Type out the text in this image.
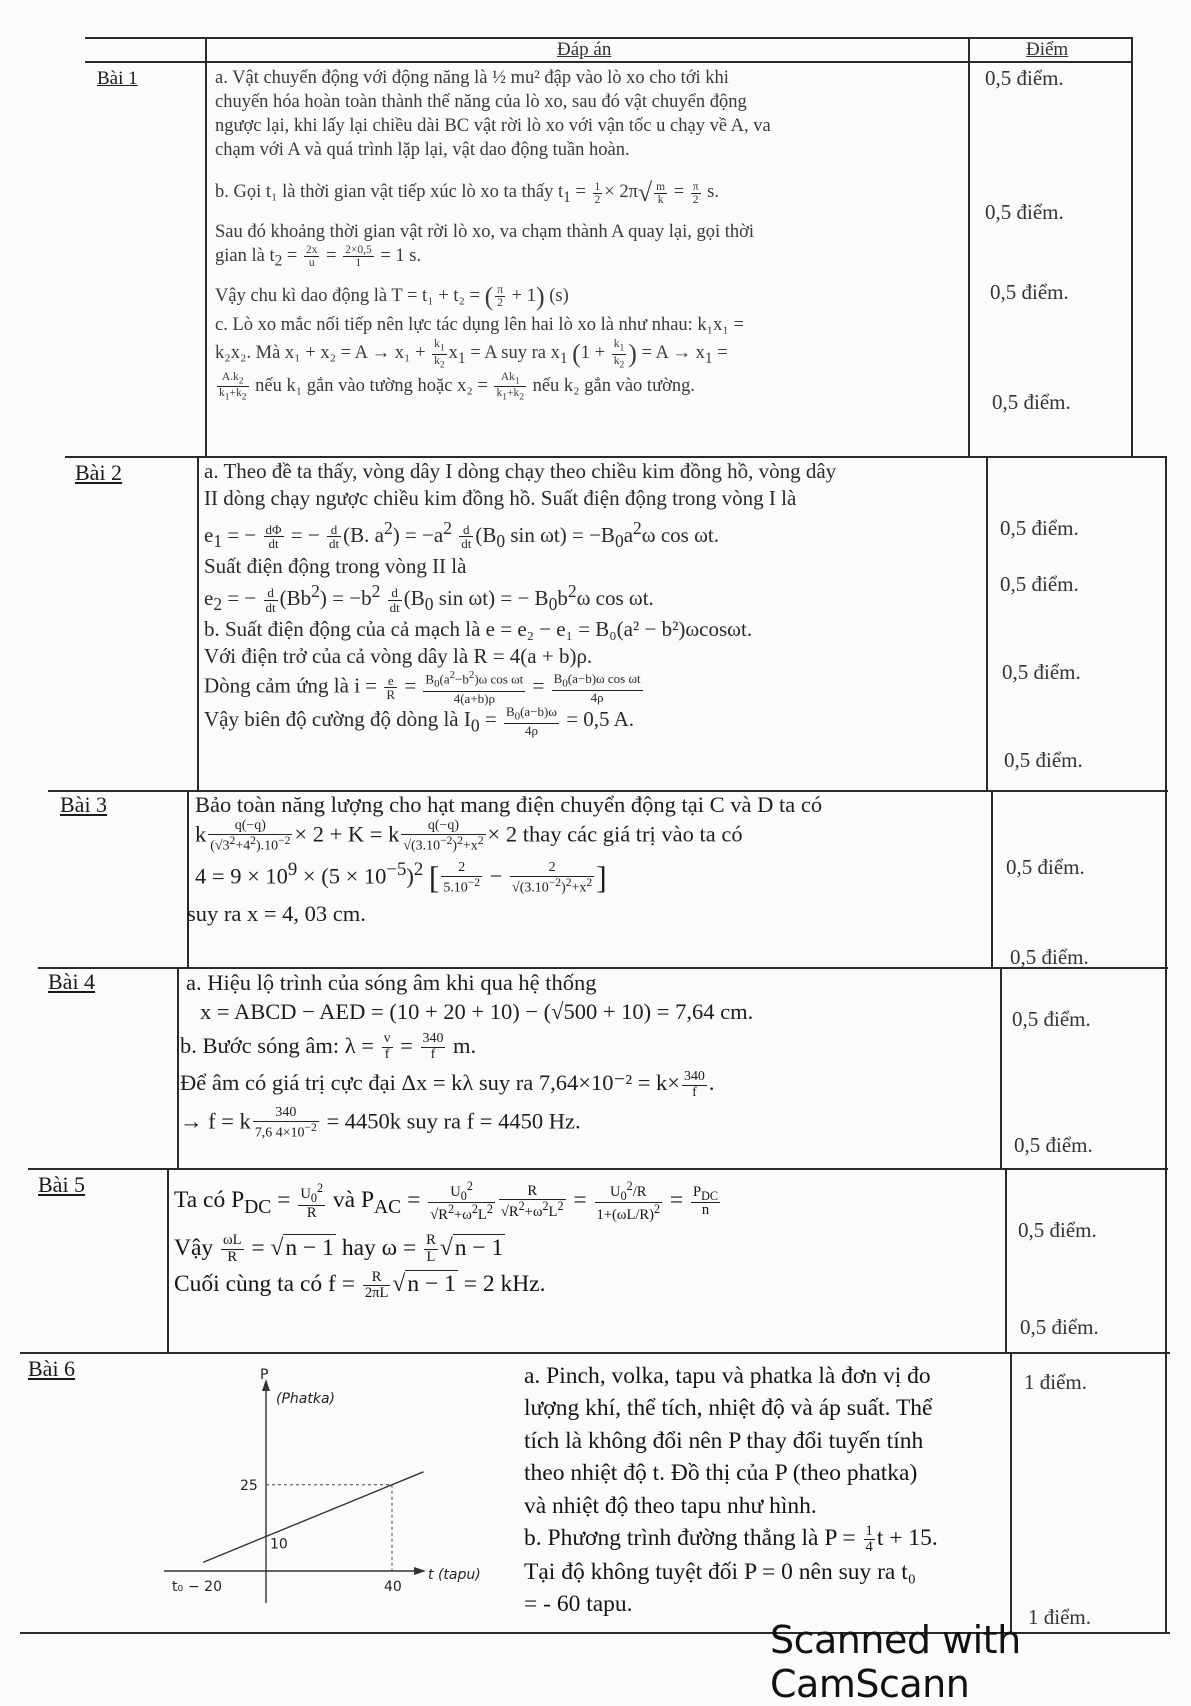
Đáp án	Điểm
Bài 1
Bài 2
Bài 3
Bài 4
Bài 5
Bài 6

a. Vật chuyển động với động năng là ½ mu² đập vào lò xo cho tới khi

chuyển hóa hoàn toàn thành thế năng của lò xo, sau đó vật chuyển động

ngược lại, khi lấy lại chiều dài BC vật rời lò xo với vận tốc u chạy về A, va

chạm với A và quá trình lặp lại, vật dao động tuần hoàn.

b. Gọi t₁ là thời gian vật tiếp xúc lò xo ta thấy $t_1 = \frac{1}{2} \times 2\pi√ \frac{m}{k} = \frac{\pi}{2} s$.

Sau đó khoảng thời gian vật rời lò xo, va chạm thành A quay lại, gọi thời

gian là $t_2 = \frac{2x}{u} = \frac{2\times 0,5}{1} = 1$ s.

Vậy chu kì dao động là T = t₁ + t₂ = ( $\frac{\pi}{2} + 1$) (s)

c. Lò xo mắc nối tiếp nên lực tác dụng lên hai lò xo là như nhau: k₁x₁ =

k₂x₂. Mà $x_1 + x_2 = A \to x_1 + \frac{k_1}{k_2} x_1 = A$ suy ra $x_1$ ($1 + \frac{k_1}{k_2}$ ) = $A \to x_1$ =

$\frac{A.k_2}{k_1+k_2}$ nếu k₁ gắn vào tường hoặc $x_2 = \frac{Ak_1}{k_1+k_2}$ nếu k₂ gắn vào tường.

0,5 điểm.
0,5 điểm.
0,5 điểm.
0,5 điểm.

a. Theo đề ta thấy, vòng dây I dòng chạy theo chiều kim đồng hồ, vòng dây

II dòng chạy ngược chiều kim đồng hồ. Suất điện động trong vòng I là

$e_1$ = − $\frac{d\Phi}{dt}$ = − $\frac{d}{dt} (B$. $a^2) = -a^2 \frac{d}{dt} (B_0$ $\sin \omega t) = -B_0a^2\omega$ cos ωt.

Suất điện động trong vòng II là

$e_2$ = − $\frac{d}{dt} (Bb^2) = -b^2 \frac{d}{dt} (B_0$ sin ωt) = − $B_0b^2\omega$ cos ωt.

b. Suất điện động của cả mạch là e = e₂ − e₁ = B₀(a² − b²)ωcosωt.

Với điện trở của cả vòng dây là R = 4(a + b)ρ.

Dòng cảm ứng là $i = \frac{e}{R} = \frac{B_0(a^2-b^2)\omega \cos \omega t}{4(a+b)\rho} = \frac{B_0(a-b)\omega \cos \omega t}{4\rho}$

Vậy biên độ cường độ dòng là $I_0 = \frac{B_0(a-b)\omega}{4\rho} = 0,5$ A.

0,5 điểm.
0,5 điểm.
0,5 điểm.
0,5 điểm.

Bảo toàn năng lượng cho hạt mang điện chuyển động tại C và D ta có

k $\frac{q(-q)}{(√3^2+4^2).10^{-2}} \times 2 + K = k \frac{q(-q)}{√(3.10^{-2})^2+x^2} \times 2$ thay các giá trị vào ta có

$4 = 9 \times 10^9 \times (5 \times 10^{-5})^2$ [ $\frac{2}{5.10^{-2}} - \frac{2}{√(3.10^{-2})^2+x^2}$ ]

suy ra x = 4, 03 cm.

0,5 điểm.
0,5 điểm.

a. Hiệu lộ trình của sóng âm khi qua hệ thống

x = ABCD − AED = (10 + 20 + 10) − (√500 + 10) = 7,64 cm.

b. Bước sóng âm: $\lambda = \frac{v}{f} = \frac{340}{f} m$.

Để âm có giá trị cực đại Δx = kλ suy ra $7,64\times 10^{-2} = k\times \frac{340}{f}$ .

→ f = k $\frac{340}{7,6 4\times 10^{-2}} = 4450k$ suy ra f = 4450 Hz.

0,5 điểm.
0,5 điểm.

Ta có $P_{DC} = \frac{U_0^2}{R}$ và $P_{AC} = \frac{U_0^2}{√R^2+\omega^2L^2} \frac{R}{√R^2+\omega^2L^2} = \frac{U_0^2/R}{1+(\omega L/R)^2} = P_{DC}$
n

Vậy $\frac{\omega L}{R} = √n - 1$ hay $\omega = \frac{R}{L} √n - 1$

Cuối cùng ta có $f = \frac{R}{2\pi L} √n - 1 = 2$ kHz.

0,5 điểm.
0,5 điểm.

a. Pinch, volka, tapu và phatka là đơn vị đo

lượng khí, thể tích, nhiệt độ và áp suất. Thể

tích là không đổi nên P thay đổi tuyến tính

theo nhiệt độ t. Đồ thị của P (theo phatka)

và nhiệt độ theo tapu như hình.

b. Phương trình đường thẳng là $P = \frac{1}{4}$ t + 15.

Tại độ không tuyệt đối P = 0 nên suy ra t₀

= - 60 tapu.

1 điểm.
1 điểm.
P
(Phatka)
t (tapu)
t₀
25
10
− 20	40
Scanned with CamScann
